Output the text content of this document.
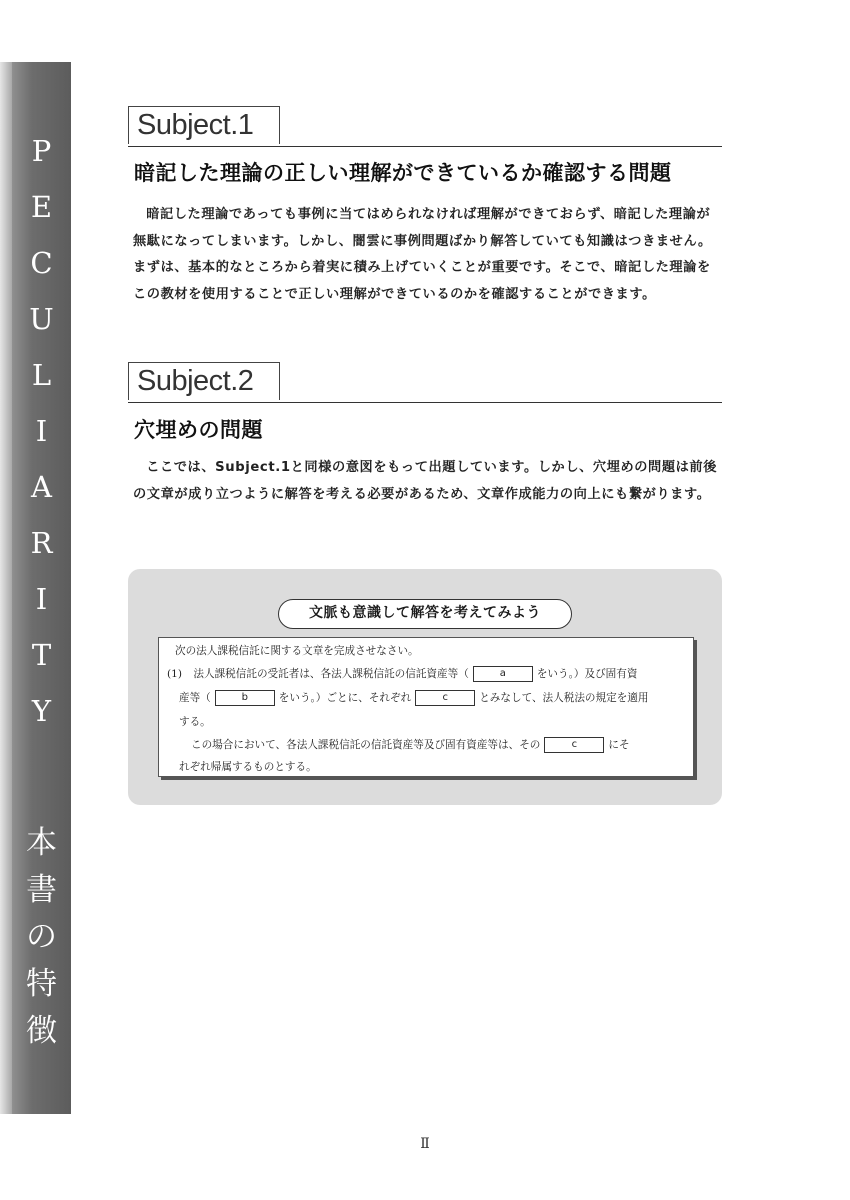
P
E
C
U
L
I
A
R
I
T
Y
本
書
の
特
徴
Subject.1
暗記した理論の正しい理解ができているか確認する問題

暗記した理論であっても事例に当てはめられなければ理解ができておらず、暗記した理論が無駄になってしまいます。しかし、闇雲に事例問題ばかり解答していても知識はつきません。まずは、基本的なところから着実に積み上げていくことが重要です。そこで、暗記した理論をこの教材を使用することで正しい理解ができているのかを確認することができます。

Subject.2
穴埋めの問題

ここでは、Subject.1と同様の意図をもって出題しています。しかし、穴埋めの問題は前後の文章が成り立つように解答を考える必要があるため、文章作成能力の向上にも繋がります。

文脈も意識して解答を考えてみよう
次の法人課税信託に関する文章を完成させなさい。
(1) 法人課税信託の受託者は、各法人課税信託の信託資産等（	a	をいう。）及び固有資
産等（	b	をいう。）ごとに、それぞれ	c	とみなして、法人税法の規定を適用
する。
この場合において、各法人課税信託の信託資産等及び固有資産等は、その	c	にそ
れぞれ帰属するものとする。
Ⅱ
